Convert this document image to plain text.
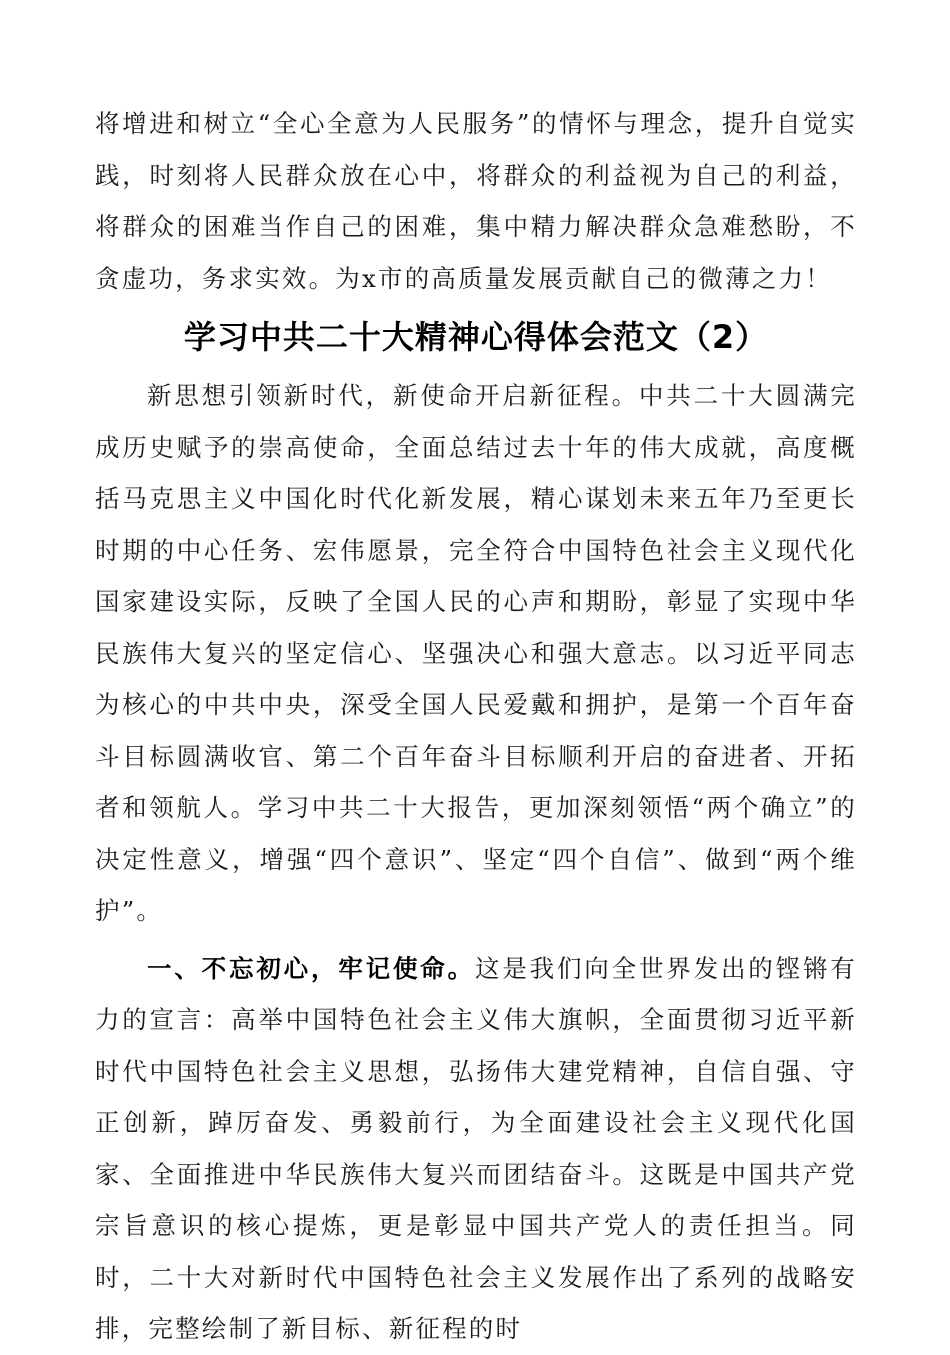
将增进和树立“全心全意为人民服务”的情怀与理念，提升自觉实践，时刻将人民群众放在心中，将群众的利益视为自己的利益，将群众的困难当作自己的困难，集中精力解决群众急难愁盼，不贪虚功，务求实效。为x市的高质量发展贡献自己的微薄之力！

学习中共二十大精神心得体会范文（2）

新思想引领新时代，新使命开启新征程。中共二十大圆满完成历史赋予的崇高使命，全面总结过去十年的伟大成就，高度概括马克思主义中国化时代化新发展，精心谋划未来五年乃至更长时期的中心任务、宏伟愿景，完全符合中国特色社会主义现代化国家建设实际，反映了全国人民的心声和期盼，彰显了实现中华民族伟大复兴的坚定信心、坚强决心和强大意志。以习近平同志为核心的中共中央，深受全国人民爱戴和拥护，是第一个百年奋斗目标圆满收官、第二个百年奋斗目标顺利开启的奋进者、开拓者和领航人。学习中共二十大报告，更加深刻领悟“两个确立”的决定性意义，增强“四个意识”、坚定“四个自信”、做到“两个维护”。

一、不忘初心，牢记使命。这是我们向全世界发出的铿锵有力的宣言：高举中国特色社会主义伟大旗帜，全面贯彻习近平新时代中国特色社会主义思想，弘扬伟大建党精神，自信自强、守正创新，踔厉奋发、勇毅前行，为全面建设社会主义现代化国家、全面推进中华民族伟大复兴而团结奋斗。这既是中国共产党宗旨意识的核心提炼，更是彰显中国共产党人的责任担当。同时，二十大对新时代中国特色社会主义发展作出了系列的战略安排，完整绘制了新目标、新征程的时
